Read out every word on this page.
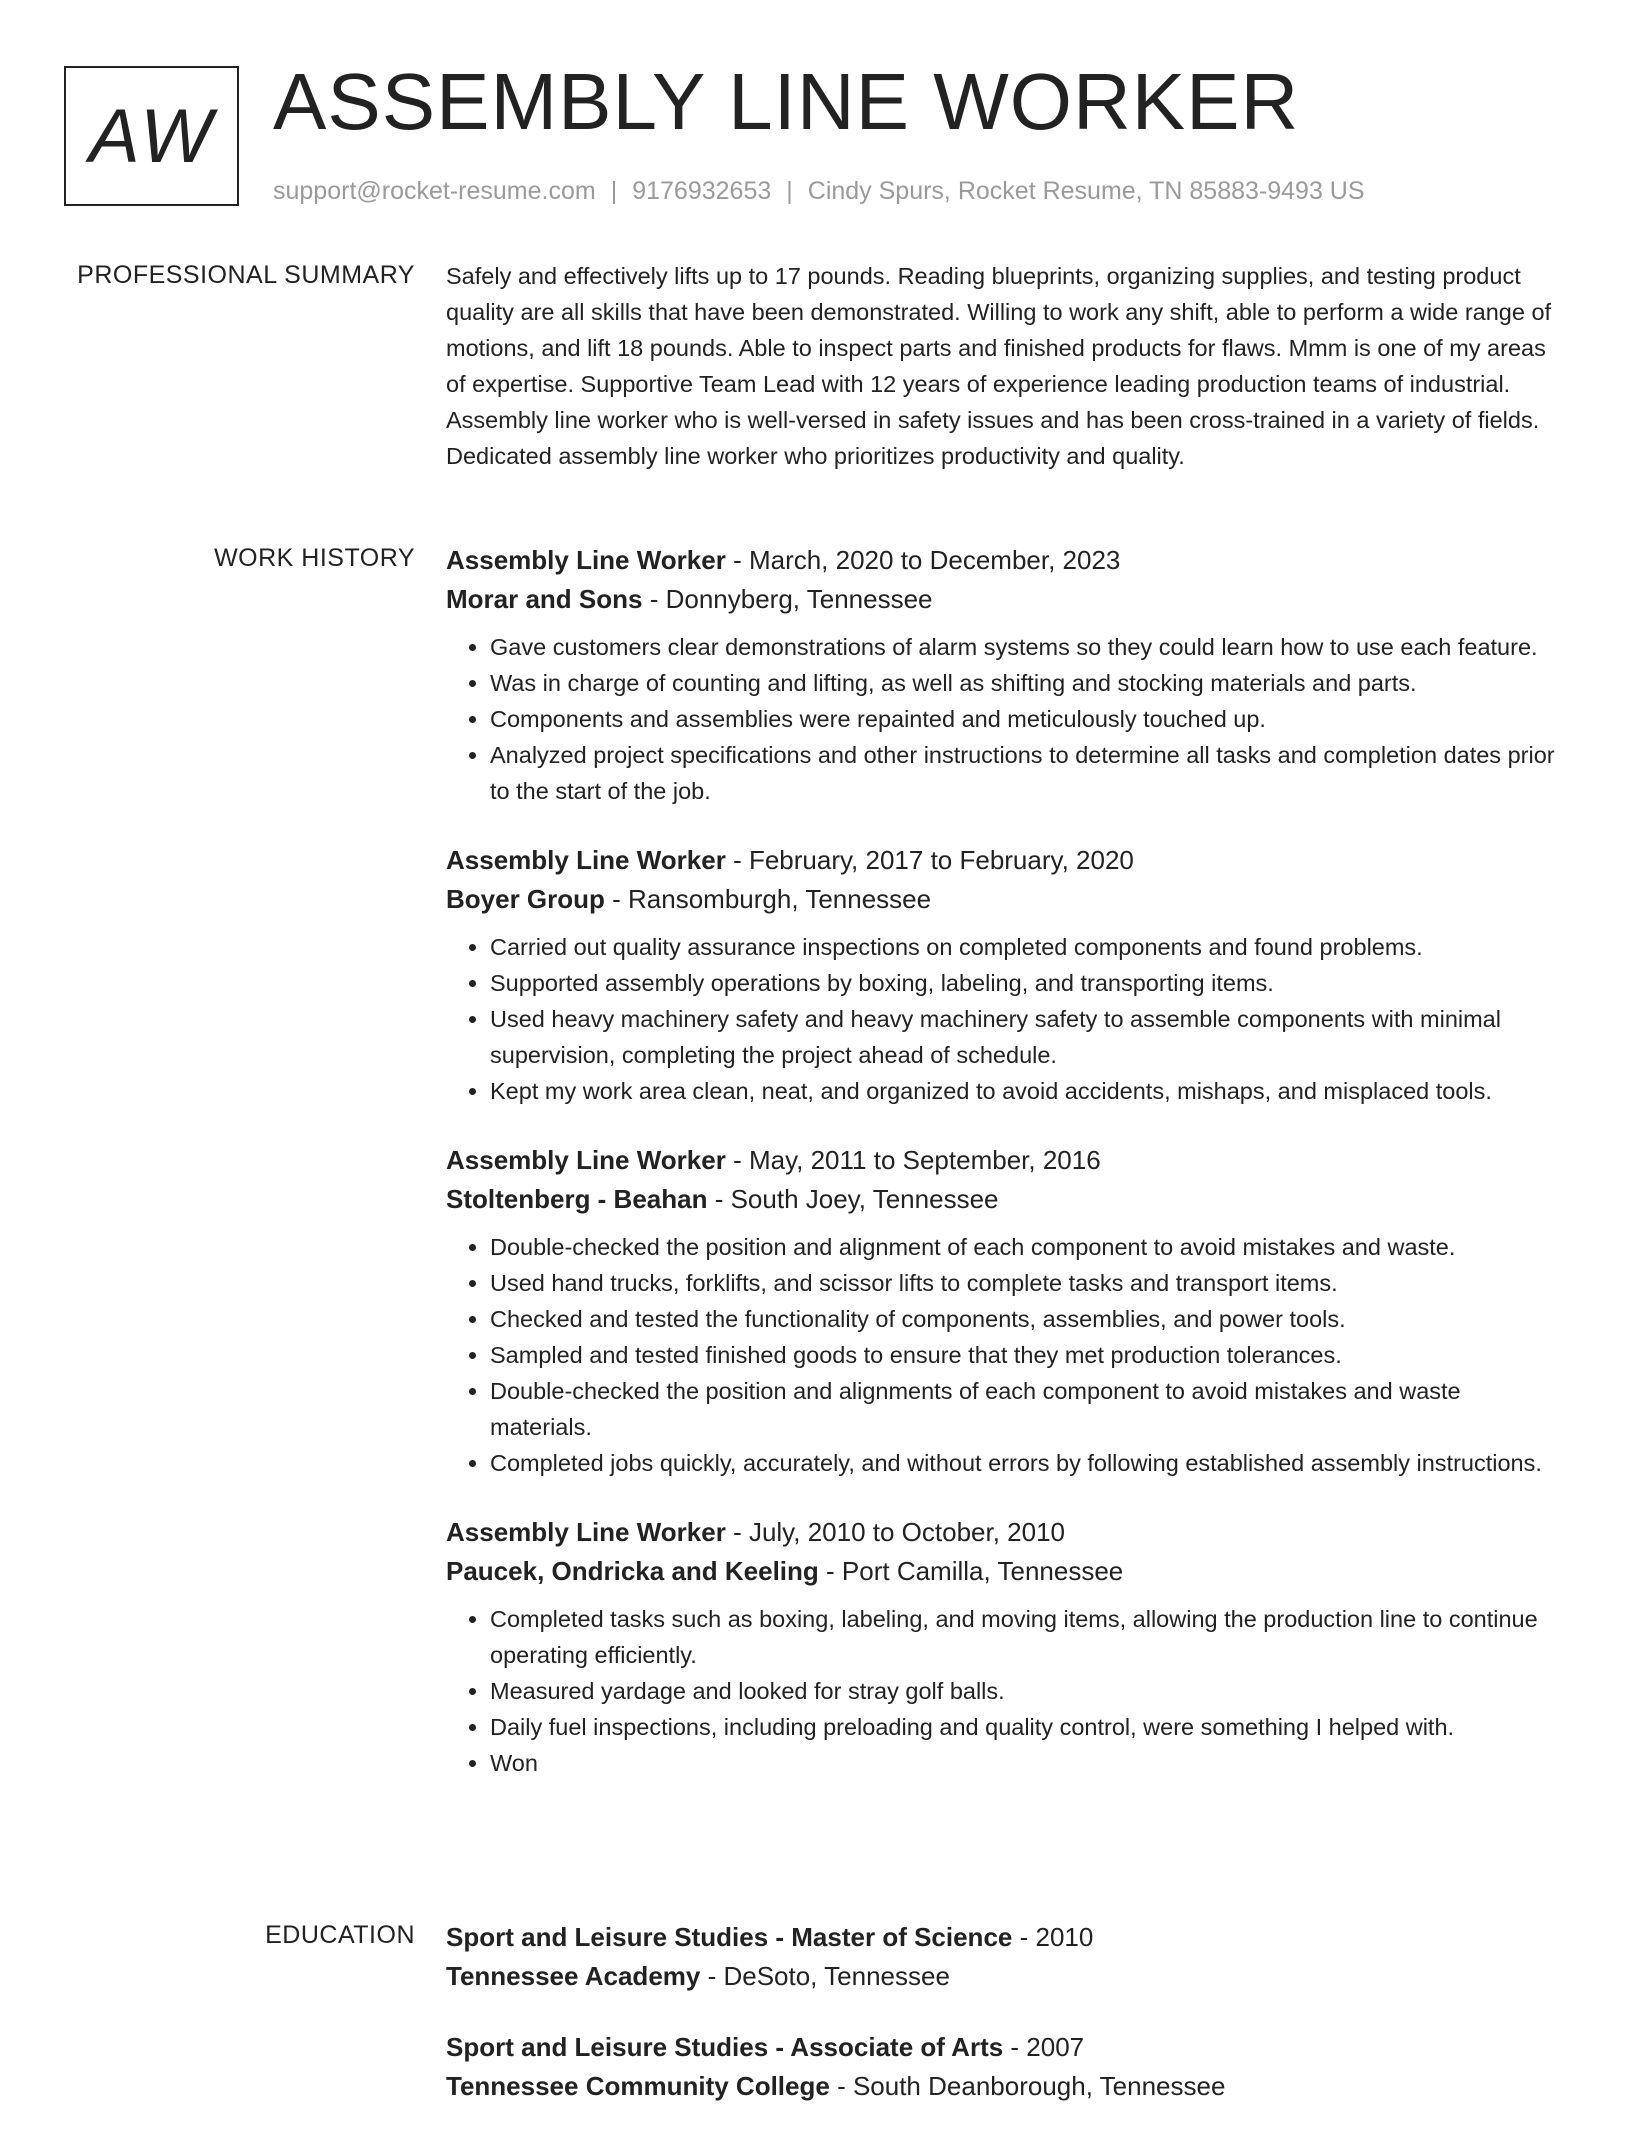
AW ASSEMBLY LINE WORKER
support@rocket-resume.com | 9176932653 | Cindy Spurs, Rocket Resume, TN 85883-9493 US
PROFESSIONAL SUMMARY Safely and effectively lifts up to 17 pounds. Reading blueprints, organizing supplies, and testing product quality are all skills that have been demonstrated. Willing to work any shift, able to perform a wide range of motions, and lift 18 pounds. Able to inspect parts and finished products for flaws. Mmm is one of my areas of expertise. Supportive Team Lead with 12 years of experience leading production teams of industrial. Assembly line worker who is well-versed in safety issues and has been cross-trained in a variety of fields. Dedicated assembly line worker who prioritizes productivity and quality.

WORK HISTORY Assembly Line Worker - March, 2020 to December, 2023

Morar and Sons - Donnyberg, Tennessee

• Gave customers clear demonstrations of alarm systems so they could learn how to use each feature.
• Was in charge of counting and lifting, as well as shifting and stocking materials and parts.
• Components and assemblies were repainted and meticulously touched up.
• Analyzed project specifications and other instructions to determine all tasks and completion dates prior to the start of the job.

Assembly Line Worker - February, 2017 to February, 2020

Boyer Group - Ransomburgh, Tennessee

• Carried out quality assurance inspections on completed components and found problems.
• Supported assembly operations by boxing, labeling, and transporting items.
• Used heavy machinery safety and heavy machinery safety to assemble components with minimal supervision, completing the project ahead of schedule.
• Kept my work area clean, neat, and organized to avoid accidents, mishaps, and misplaced tools.

Assembly Line Worker - May, 2011 to September, 2016

Stoltenberg - Beahan - South Joey, Tennessee

• Double-checked the position and alignment of each component to avoid mistakes and waste.
• Used hand trucks, forklifts, and scissor lifts to complete tasks and transport items.
• Checked and tested the functionality of components, assemblies, and power tools.
• Sampled and tested finished goods to ensure that they met production tolerances.
• Double-checked the position and alignments of each component to avoid mistakes and waste materials.
• Completed jobs quickly, accurately, and without errors by following established assembly instructions.

Assembly Line Worker - July, 2010 to October, 2010

Paucek, Ondricka and Keeling - Port Camilla, Tennessee

• Completed tasks such as boxing, labeling, and moving items, allowing the production line to continue operating efficiently.
• Measured yardage and looked for stray golf balls.
• Daily fuel inspections, including preloading and quality control, were something I helped with.
• Won
EDUCATION Sport and Leisure Studies - Master of Science - 2010

Tennessee Academy - DeSoto, Tennessee

Sport and Leisure Studies - Associate of Arts - 2007

Tennessee Community College - South Deanborough, Tennessee
